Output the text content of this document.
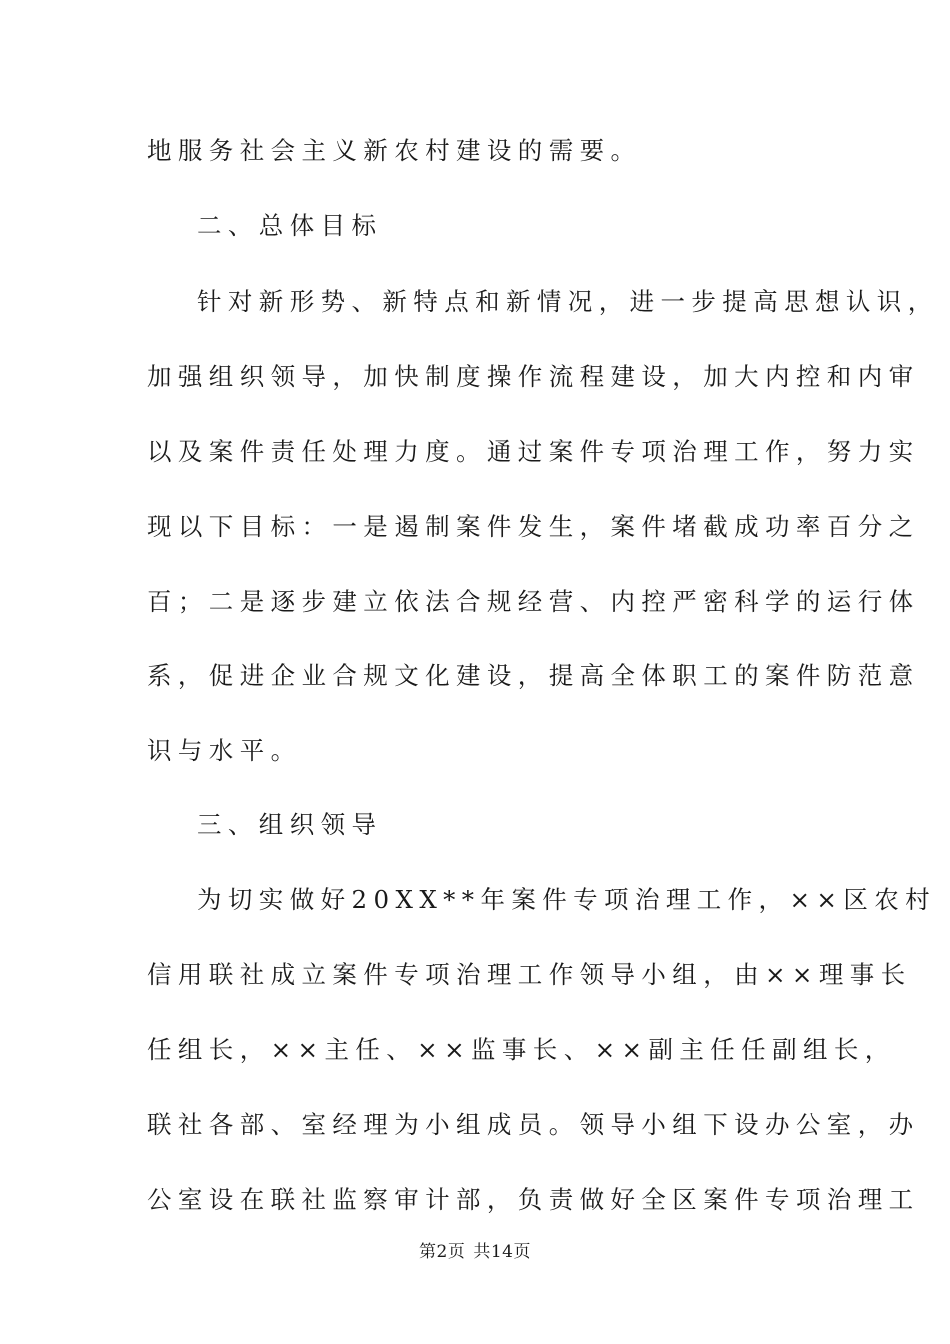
地服务社会主义新农村建设的需要。
二、总体目标
针对新形势、新特点和新情况，进一步提高思想认识，
加强组织领导，加快制度操作流程建设，加大内控和内审
以及案件责任处理力度。通过案件专项治理工作，努力实
现以下目标：一是遏制案件发生，案件堵截成功率百分之
百；二是逐步建立依法合规经营、内控严密科学的运行体
系，促进企业合规文化建设，提高全体职工的案件防范意
识与水平。
三、组织领导
为切实做好20XX**年案件专项治理工作，××区农村
信用联社成立案件专项治理工作领导小组，由××理事长
任组长，××主任、××监事长、××副主任任副组长，
联社各部、室经理为小组成员。领导小组下设办公室，办
公室设在联社监察审计部，负责做好全区案件专项治理工
第2页 共14页
